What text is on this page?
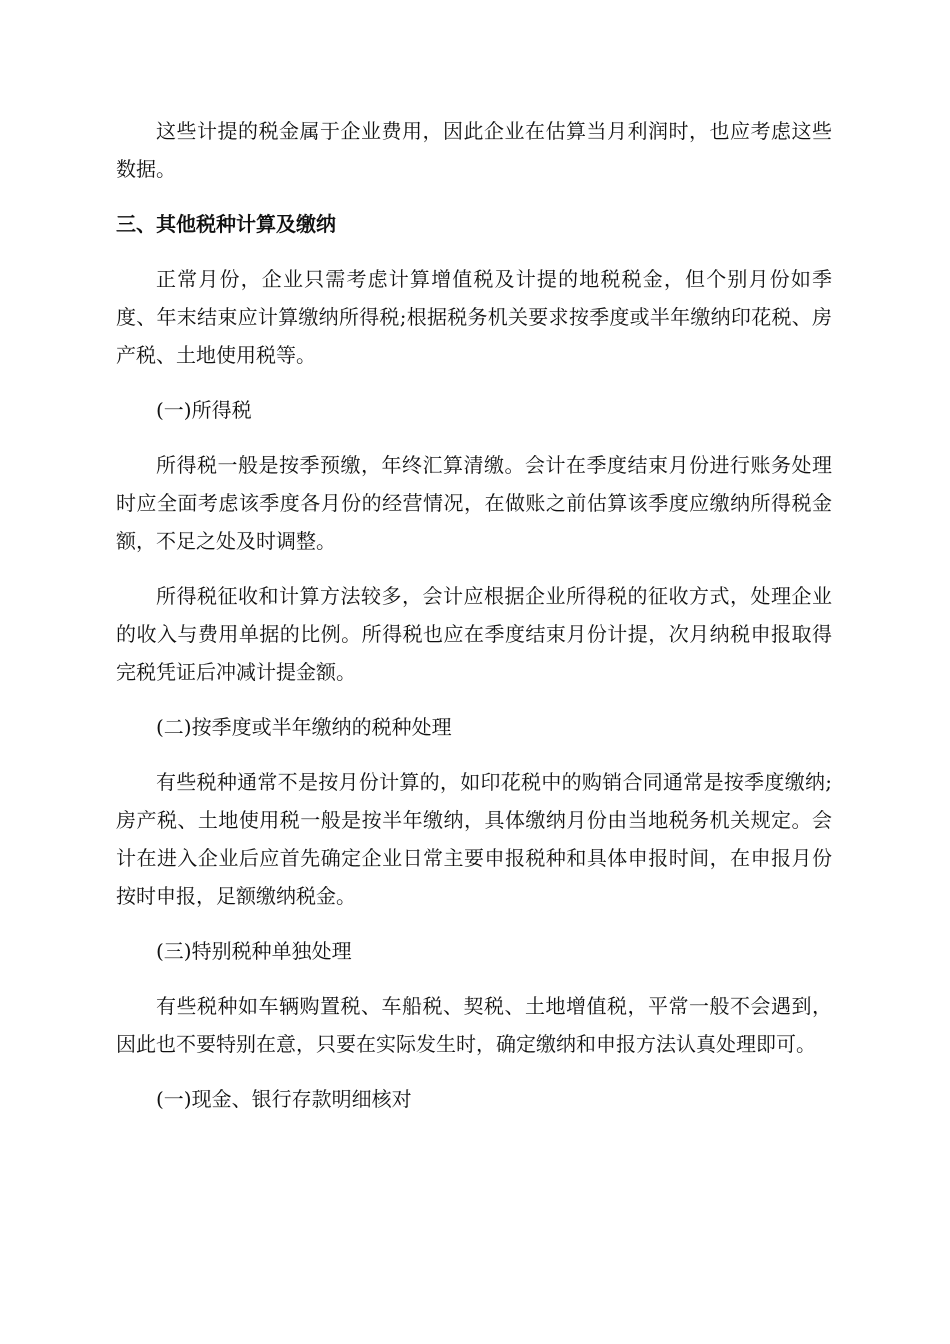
这些计提的税金属于企业费用，因此企业在估算当月利润时，也应考虑这些数据。

三、其他税种计算及缴纳

正常月份，企业只需考虑计算增值税及计提的地税税金，但个别月份如季度、年末结束应计算缴纳所得税;根据税务机关要求按季度或半年缴纳印花税、房产税、土地使用税等。

(一)所得税

所得税一般是按季预缴，年终汇算清缴。会计在季度结束月份进行账务处理时应全面考虑该季度各月份的经营情况，在做账之前估算该季度应缴纳所得税金额，不足之处及时调整。

所得税征收和计算方法较多，会计应根据企业所得税的征收方式，处理企业的收入与费用单据的比例。所得税也应在季度结束月份计提，次月纳税申报取得完税凭证后冲减计提金额。

(二)按季度或半年缴纳的税种处理

有些税种通常不是按月份计算的，如印花税中的购销合同通常是按季度缴纳;房产税、土地使用税一般是按半年缴纳，具体缴纳月份由当地税务机关规定。会计在进入企业后应首先确定企业日常主要申报税种和具体申报时间，在申报月份按时申报，足额缴纳税金。

(三)特别税种单独处理

有些税种如车辆购置税、车船税、契税、土地增值税，平常一般不会遇到，因此也不要特别在意，只要在实际发生时，确定缴纳和申报方法认真处理即可。

(一)现金、银行存款明细核对
